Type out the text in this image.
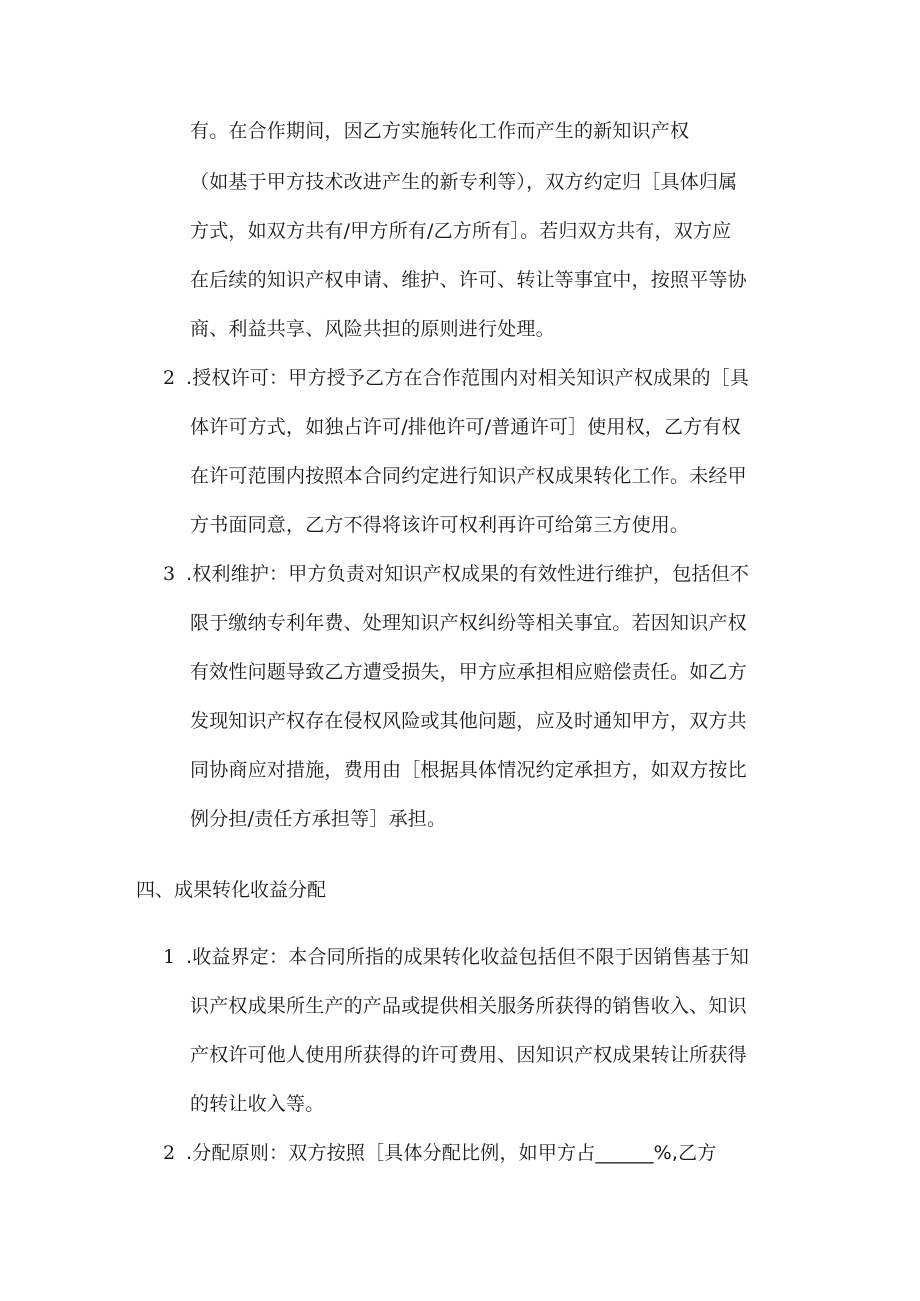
有。在合作期间，因乙方实施转化工作而产生的新知识产权
（如基于甲方技术改进产生的新专利等），双方约定归［具体归属
方式，如双方共有/甲方所有/乙方所有］。若归双方共有，双方应
在后续的知识产权申请、维护、许可、转让等事宜中，按照平等协
商、利益共享、风险共担的原则进行处理。
2 .授权许可：甲方授予乙方在合作范围内对相关知识产权成果的［具
体许可方式，如独占许可/排他许可/普通许可］使用权，乙方有权
在许可范围内按照本合同约定进行知识产权成果转化工作。未经甲
方书面同意，乙方不得将该许可权利再许可给第三方使用。
3 .权利维护：甲方负责对知识产权成果的有效性进行维护，包括但不
限于缴纳专利年费、处理知识产权纠纷等相关事宜。若因知识产权
有效性问题导致乙方遭受损失，甲方应承担相应赔偿责任。如乙方
发现知识产权存在侵权风险或其他问题，应及时通知甲方，双方共
同协商应对措施，费用由［根据具体情况约定承担方，如双方按比
例分担/责任方承担等］承担。
四、成果转化收益分配
1 .收益界定：本合同所指的成果转化收益包括但不限于因销售基于知
识产权成果所生产的产品或提供相关服务所获得的销售收入、知识
产权许可他人使用所获得的许可费用、因知识产权成果转让所获得
的转让收入等。
2 .分配原则：双方按照［具体分配比例，如甲方占______%,乙方
